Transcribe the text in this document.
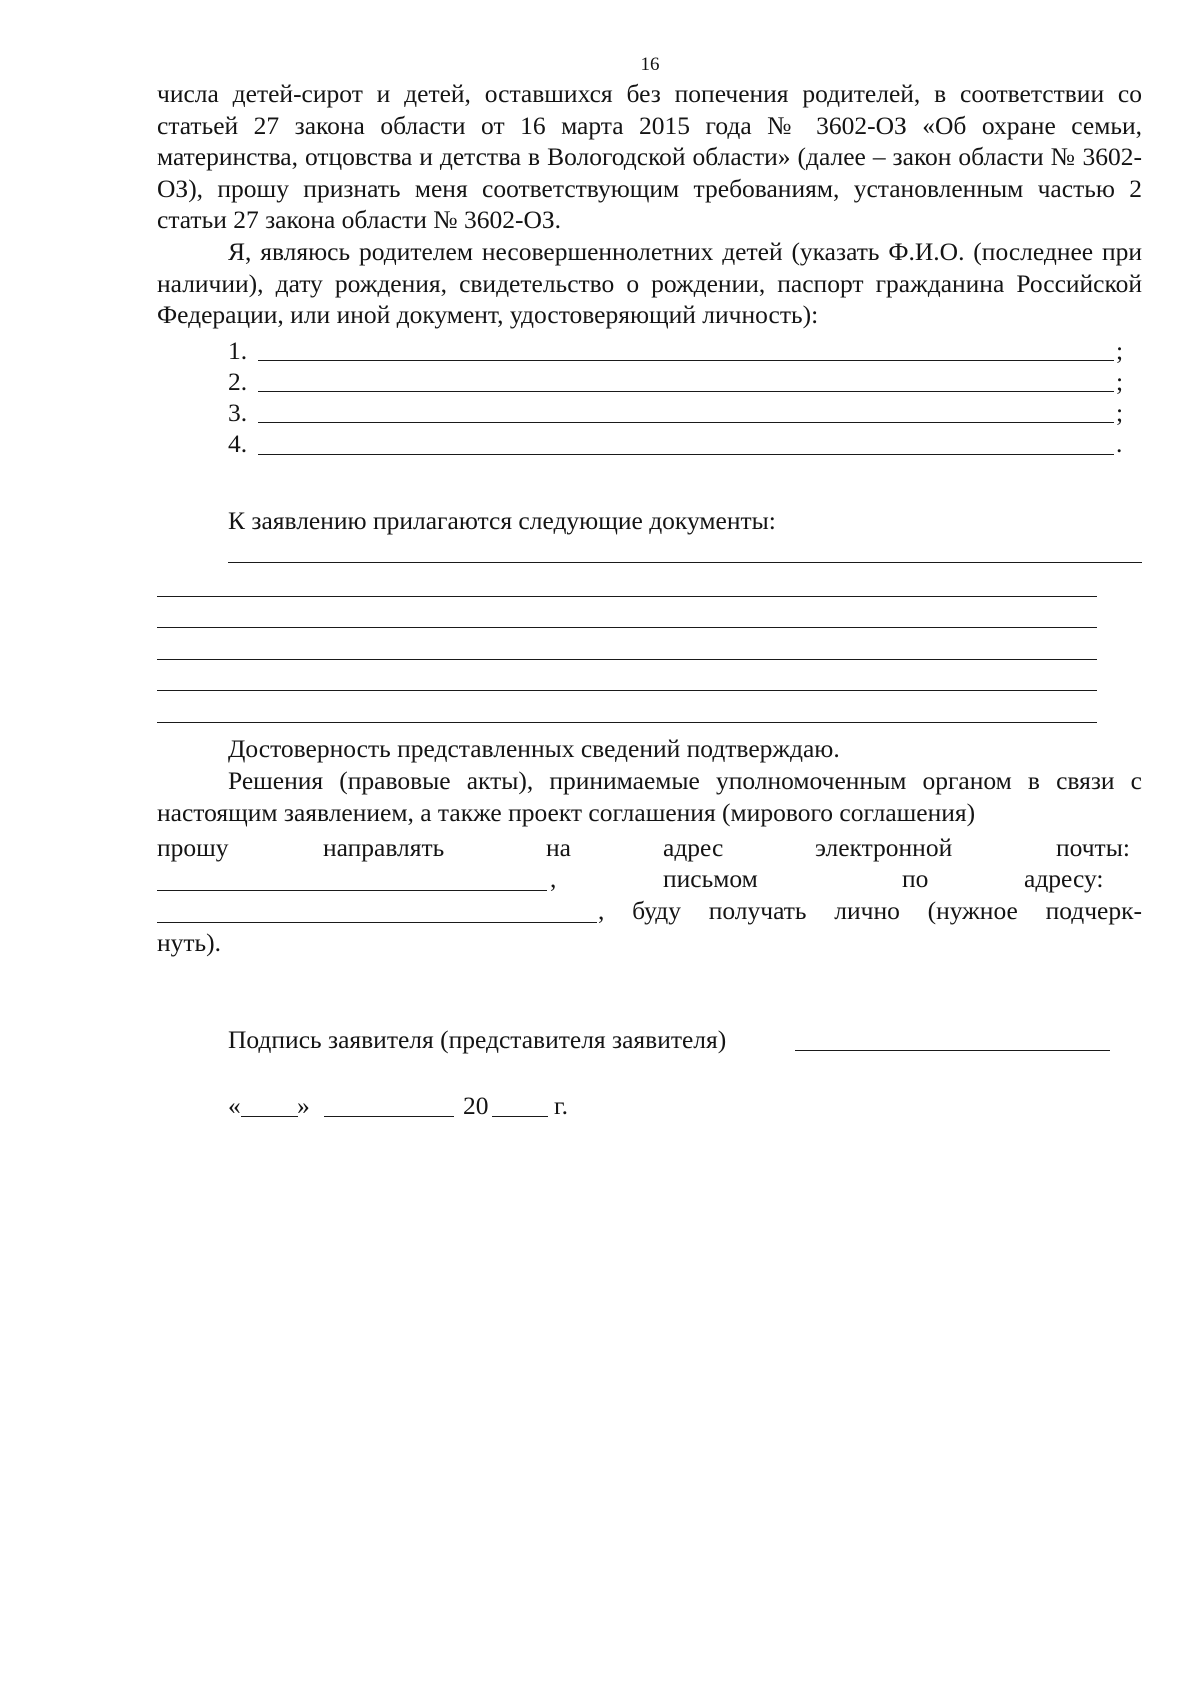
16
числа детей-сирот и детей, оставшихся без попечения родителей, в соответствии со статьей 27 закона области от 16 марта 2015 года № 3602-ОЗ «Об охране семьи, материнства, отцовства и детства в Вологодской области» (далее – закон области № 3602-ОЗ), прошу признать меня соответствующим требованиям, установленным частью 2 статьи 27 закона области № 3602-ОЗ.
Я, являюсь родителем несовершеннолетних детей (указать Ф.И.О. (последнее при наличии), дату рождения, свидетельство о рождении, паспорт гражданина Российской Федерации, или иной документ, удостоверяющий личность):
1.	;
2.	;
3.	;
4.	.
К заявлению прилагаются следующие документы:
Достоверность представленных сведений подтверждаю.
Решения (правовые акты), принимаемые уполномоченным органом в связи с настоящим заявлением, а также проект соглашения (мирового соглашения)
прошу	направлять	на	адрес	электронной	почты:
,	письмом	по	адресу:
, буду получать лично (нужное подчерк-
нуть).
Подпись заявителя (представителя заявителя)
« »	20	г.
